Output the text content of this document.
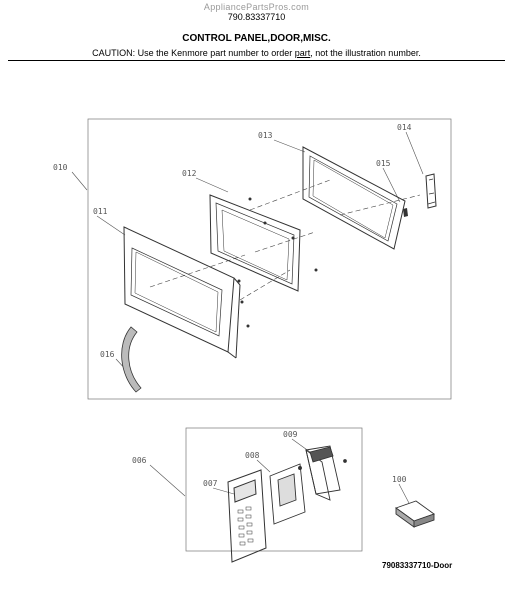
AppliancePartsPros.com
790.83337710
CONTROL PANEL,DOOR,MISC.
CAUTION: Use the Kenmore part number to order part, not the illustration number.
010
011
012
013
014
015
016
006
007
008
009
100
79083337710-Door
